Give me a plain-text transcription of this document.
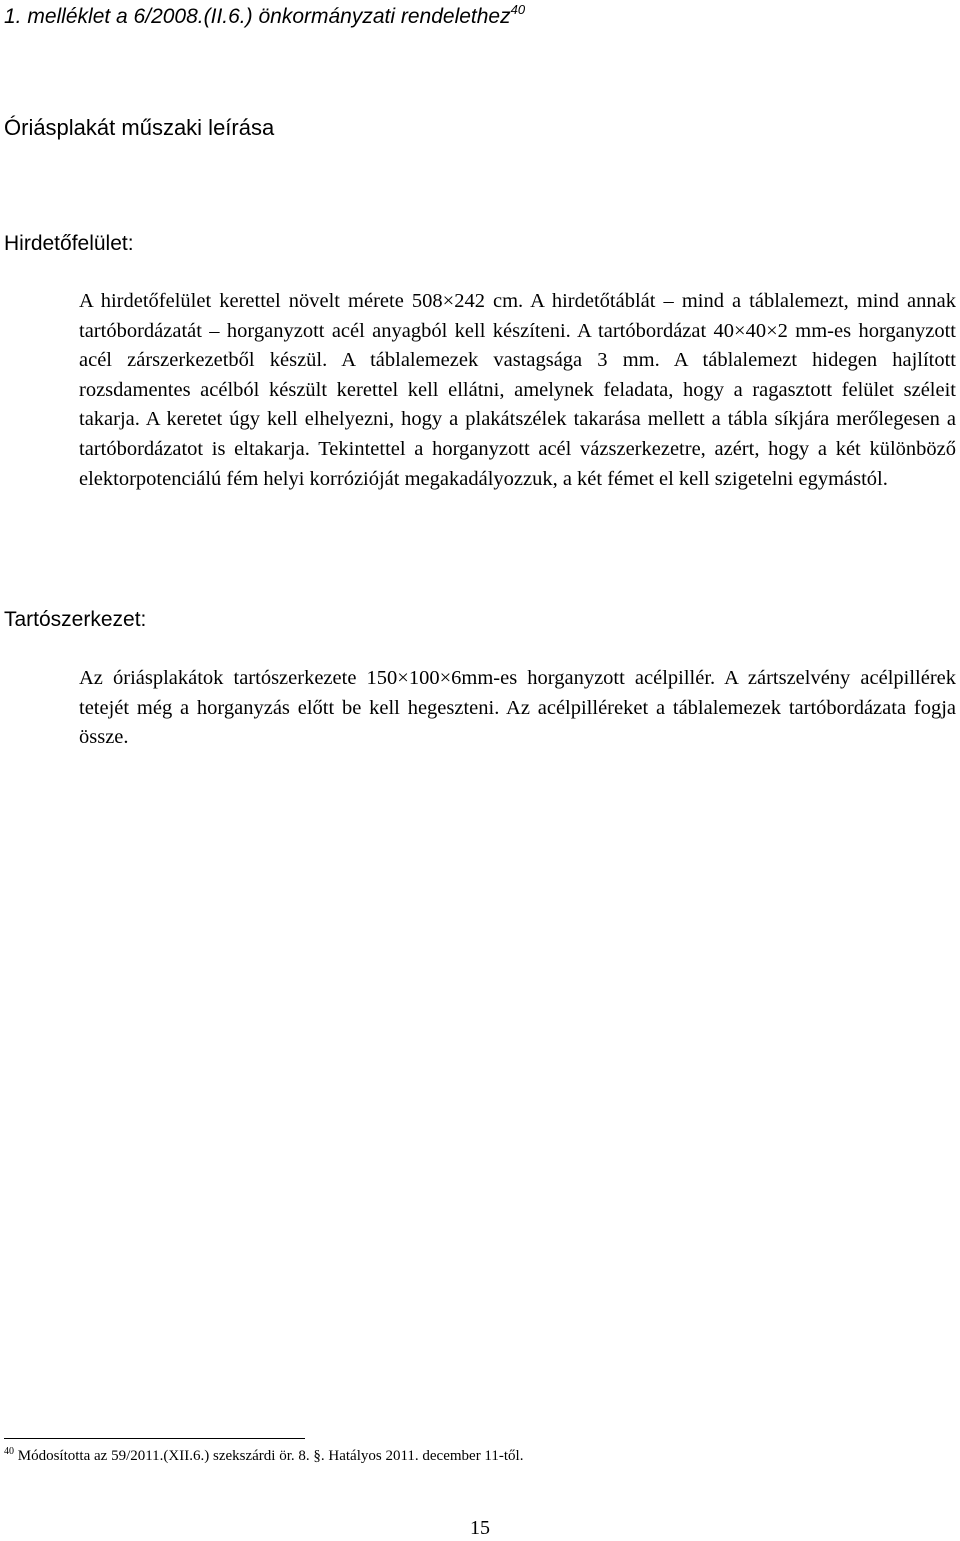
1. melléklet a 6/2008.(II.6.) önkormányzati rendelethez$^{40}$
Óriásplakát műszaki leírása
Hirdetőfelület:

A hirdetőfelület kerettel növelt mérete 508×242 cm. A hirdetőtáblát – mind a táblalemezt, mind annak tartóbordázatát – horganyzott acél anyagból kell készíteni. A tartóbordázat 40×40×2 mm-es horganyzott acél zárszerkezetből készül. A táblalemezek vastagsága 3 mm. A táblalemezt hidegen hajlított rozsdamentes acélból készült kerettel kell ellátni, amelynek feladata, hogy a ragasztott felület széleit takarja. A keretet úgy kell elhelyezni, hogy a plakátszélek takarása mellett a tábla síkjára merőlegesen a tartóbordázatot is eltakarja. Tekintettel a horganyzott acél vázszerkezetre, azért, hogy a két különböző elektorpotenciálú fém helyi korrózióját megakadályozzuk, a két fémet el kell szigetelni egymástól.

Tartószerkezet:

Az óriásplakátok tartószerkezete 150×100×6mm-es horganyzott acélpillér. A zártszelvény acélpillérek tetejét még a horganyzás előtt be kell hegeszteni. Az acélpilléreket a táblalemezek tartóbordázata fogja össze.

$^{40}$ Módosította az 59/2011.(XII.6.) szekszárdi ör. 8. §. Hatályos 2011. december 11-től.

15
